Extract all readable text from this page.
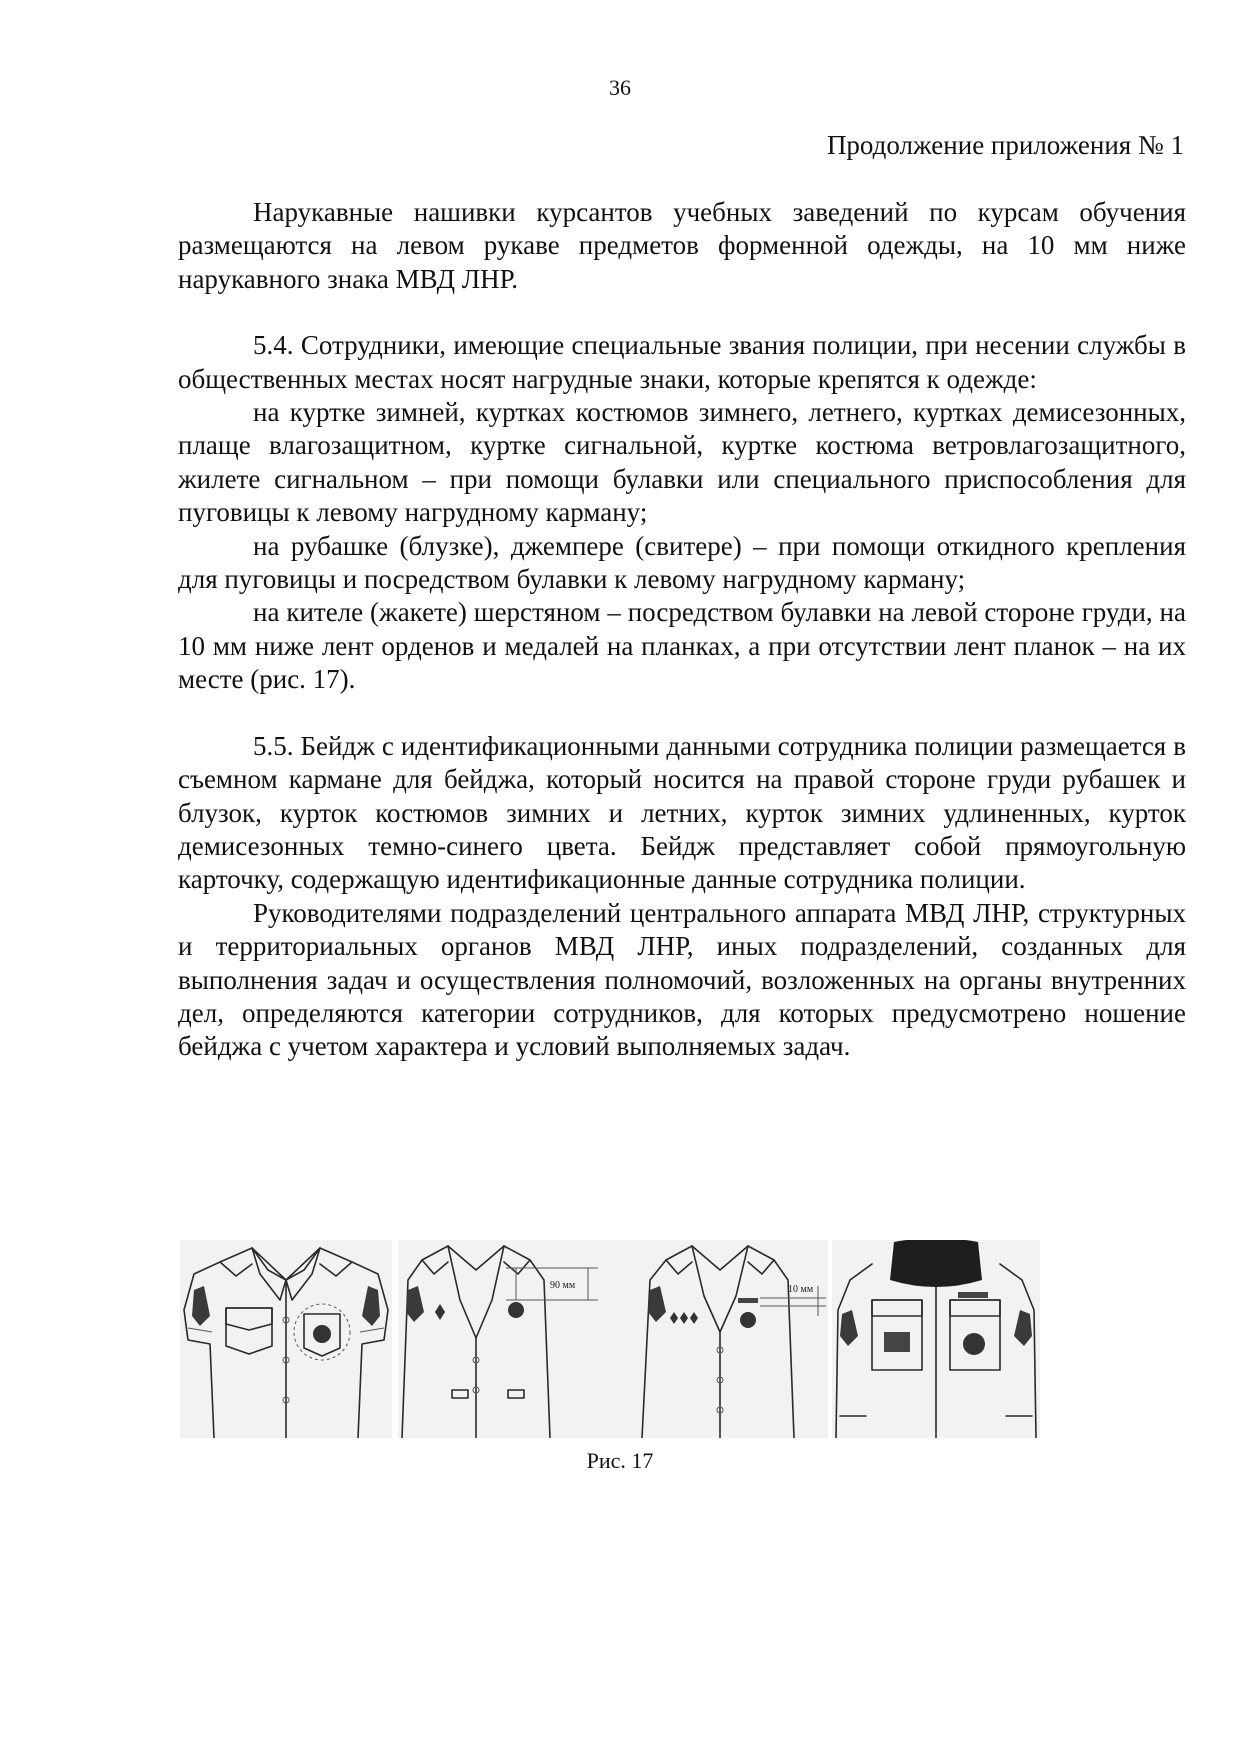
36
Продолжение приложения № 1

Нарукавные нашивки курсантов учебных заведений по курсам обучения размещаются на левом рукаве предметов форменной одежды, на 10 мм ниже нарукавного знака МВД ЛНР.

5.4. Сотрудники, имеющие специальные звания полиции, при несении службы в общественных местах носят нагрудные знаки, которые крепятся к одежде:

на куртке зимней, куртках костюмов зимнего, летнего, куртках демисезонных, плаще влагозащитном, куртке сигнальной, куртке костюма ветровлагозащитного, жилете сигнальном – при помощи булавки или специального приспособления для пуговицы к левому нагрудному карману;

на рубашке (блузке), джемпере (свитере) – при помощи откидного крепления для пуговицы и посредством булавки к левому нагрудному карману;

на кителе (жакете) шерстяном – посредством булавки на левой стороне груди, на 10 мм ниже лент орденов и медалей на планках, а при отсутствии лент планок – на их месте (рис. 17).

5.5. Бейдж с идентификационными данными сотрудника полиции размещается в съемном кармане для бейджа, который носится на правой стороне груди рубашек и блузок, курток костюмов зимних и летних, курток зимних удлиненных, курток демисезонных темно-синего цвета. Бейдж представляет собой прямоугольную карточку, содержащую идентификационные данные сотрудника полиции.

Руководителями подразделений центрального аппарата МВД ЛНР, структурных и территориальных органов МВД ЛНР, иных подразделений, созданных для выполнения задач и осуществления полномочий, возложенных на органы внутренних дел, определяются категории сотрудников, для которых предусмотрено ношение бейджа с учетом характера и условий выполняемых задач.

90 мм	10 мм
Рис. 17
